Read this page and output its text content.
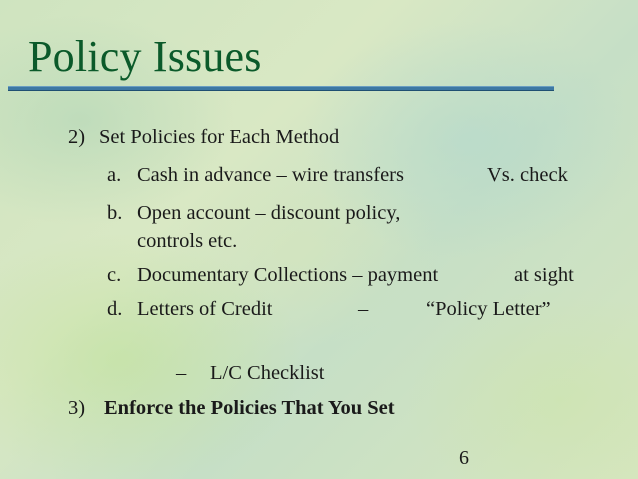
Policy Issues
2) Set Policies for Each Method
a. Cash in advance – wire transfers	Vs. check
b. Open account – discount policy,
controls etc.
c. Documentary Collections – payment	at sight
d. Letters of Credit	–	“Policy Letter”
– L/C Checklist
3) Enforce the Policies That You Set
6
